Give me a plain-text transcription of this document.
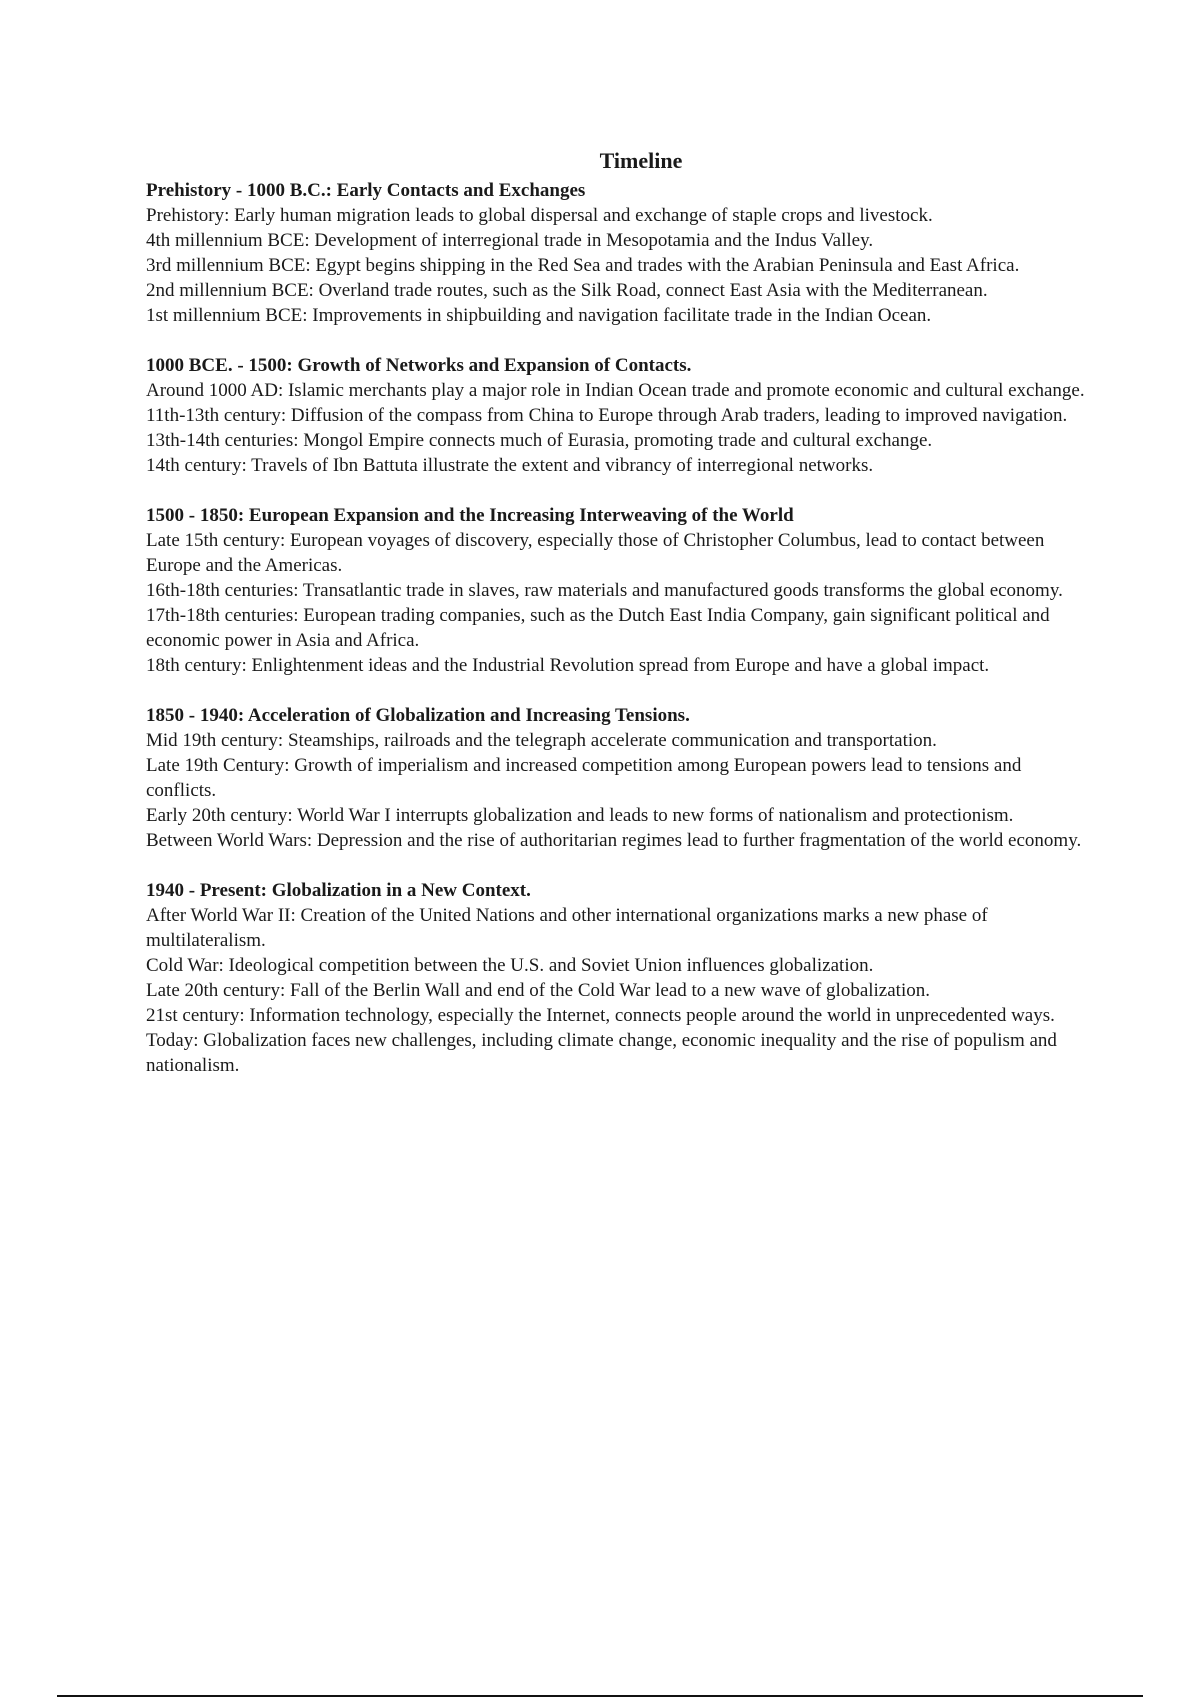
Timeline
Prehistory - 1000 B.C.: Early Contacts and Exchanges

Prehistory: Early human migration leads to global dispersal and exchange of staple crops and livestock.

4th millennium BCE: Development of interregional trade in Mesopotamia and the Indus Valley.

3rd millennium BCE: Egypt begins shipping in the Red Sea and trades with the Arabian Peninsula and East Africa.

2nd millennium BCE: Overland trade routes, such as the Silk Road, connect East Asia with the Mediterranean.

1st millennium BCE: Improvements in shipbuilding and navigation facilitate trade in the Indian Ocean.

1000 BCE. - 1500: Growth of Networks and Expansion of Contacts.

Around 1000 AD: Islamic merchants play a major role in Indian Ocean trade and promote economic and cultural exchange.

11th-13th century: Diffusion of the compass from China to Europe through Arab traders, leading to improved navigation.

13th-14th centuries: Mongol Empire connects much of Eurasia, promoting trade and cultural exchange.

14th century: Travels of Ibn Battuta illustrate the extent and vibrancy of interregional networks.

1500 - 1850: European Expansion and the Increasing Interweaving of the World

Late 15th century: European voyages of discovery, especially those of Christopher Columbus, lead to contact between Europe and the Americas.

16th-18th centuries: Transatlantic trade in slaves, raw materials and manufactured goods transforms the global economy.

17th-18th centuries: European trading companies, such as the Dutch East India Company, gain significant political and economic power in Asia and Africa.

18th century: Enlightenment ideas and the Industrial Revolution spread from Europe and have a global impact.

1850 - 1940: Acceleration of Globalization and Increasing Tensions.

Mid 19th century: Steamships, railroads and the telegraph accelerate communication and transportation.

Late 19th Century: Growth of imperialism and increased competition among European powers lead to tensions and conflicts.

Early 20th century: World War I interrupts globalization and leads to new forms of nationalism and protectionism.

Between World Wars: Depression and the rise of authoritarian regimes lead to further fragmentation of the world economy.

1940 - Present: Globalization in a New Context.

After World War II: Creation of the United Nations and other international organizations marks a new phase of multilateralism.

Cold War: Ideological competition between the U.S. and Soviet Union influences globalization.

Late 20th century: Fall of the Berlin Wall and end of the Cold War lead to a new wave of globalization.

21st century: Information technology, especially the Internet, connects people around the world in unprecedented ways.

Today: Globalization faces new challenges, including climate change, economic inequality and the rise of populism and nationalism.
